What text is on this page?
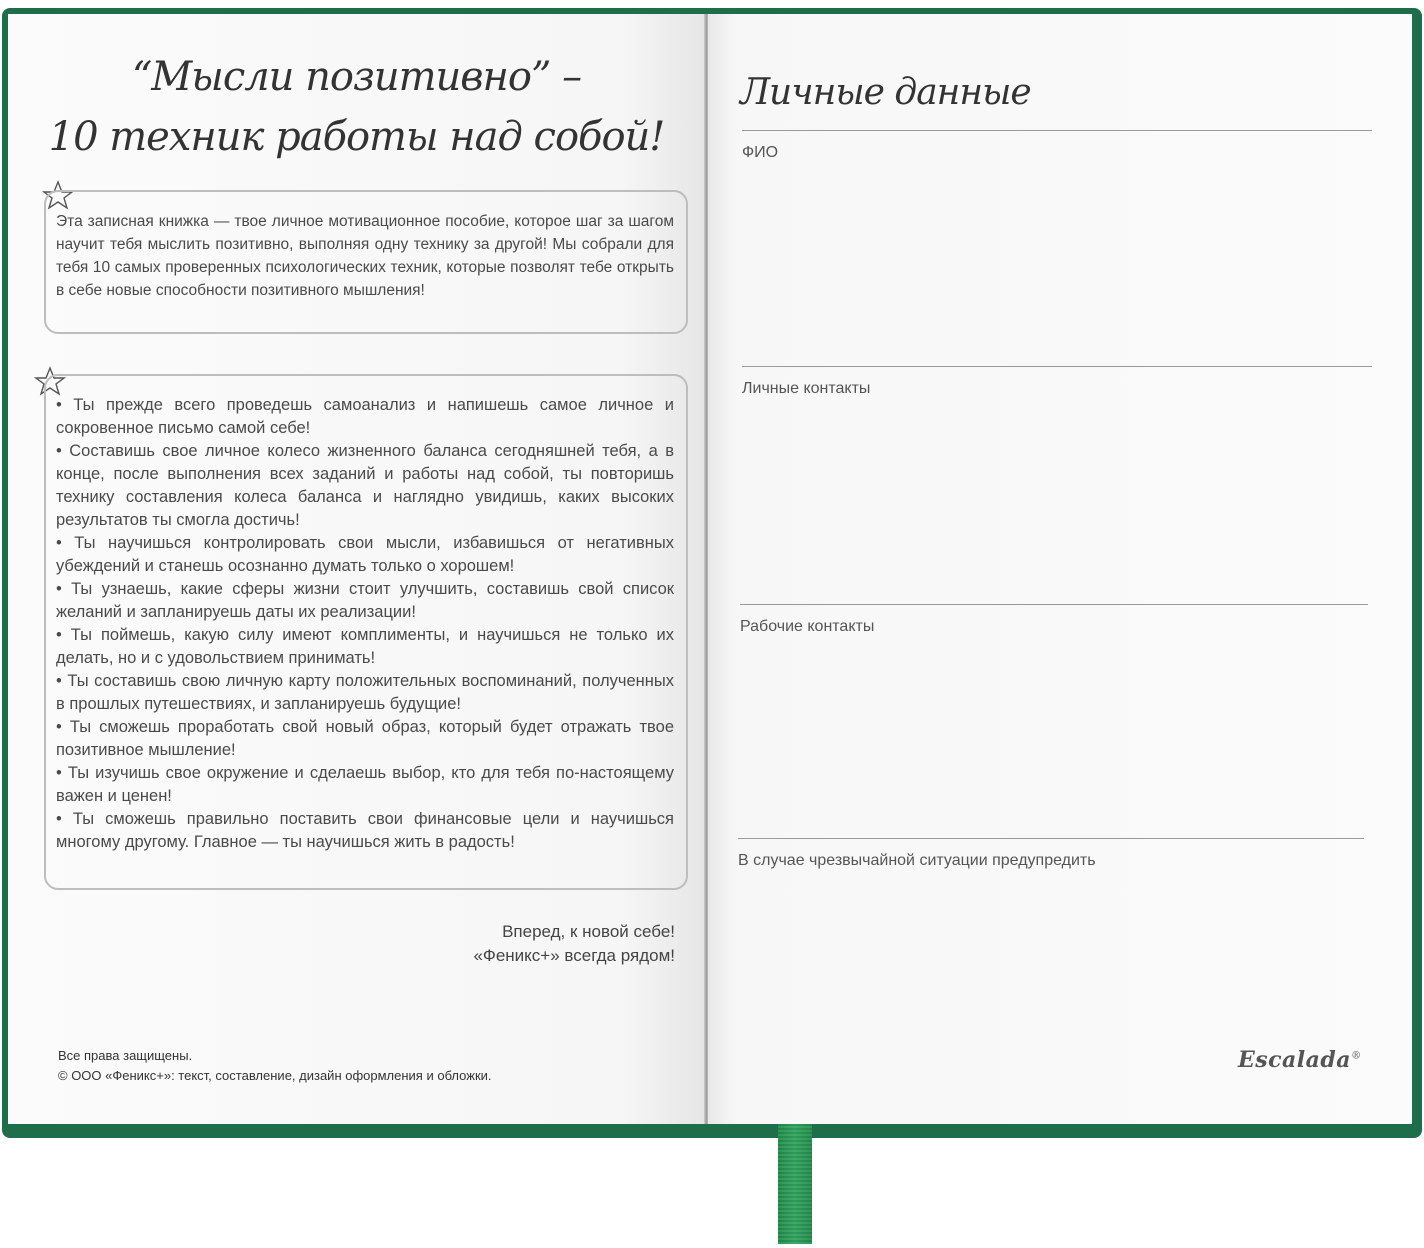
“Мысли позитивно” –
10 техник работы над собой!
Эта записная книжка — твое личное мотивационное пособие, которое шаг за шагом научит тебя мыслить позитивно, выполняя одну технику за другой! Мы собрали для тебя 10 самых проверенных психологических техник, которые позволят тебе открыть в себе новые способности позитивного мышления!
• Ты прежде всего проведешь самоанализ и напишешь самое личное и сокровенное письмо самой себе!
• Составишь свое личное колесо жизненного баланса сегодняшней тебя, а в конце, после выполнения всех заданий и работы над собой, ты повторишь технику составления колеса баланса и наглядно увидишь, каких высоких результатов ты смогла достичь!
• Ты научишься контролировать свои мысли, избавишься от негативных убеждений и станешь осознанно думать только о хорошем!
• Ты узнаешь, какие сферы жизни стоит улучшить, составишь свой список желаний и запланируешь даты их реализации!
• Ты поймешь, какую силу имеют комплименты, и научишься не только их делать, но и с удовольствием принимать!
• Ты составишь свою личную карту положительных воспоминаний, полученных в прошлых путешествиях, и запланируешь будущие!
• Ты сможешь проработать свой новый образ, который будет отражать твое позитивное мышление!
• Ты изучишь свое окружение и сделаешь выбор, кто для тебя по-настоящему важен и ценен!
• Ты сможешь правильно поставить свои финансовые цели и научишься многому другому. Главное — ты научишься жить в радость!
Вперед, к новой себе!
«Феникс+» всегда рядом!
Все права защищены.
© ООО «Феникс+»: текст, составление, дизайн оформления и обложки.
Личные данные
ФИО
Личные контакты
Рабочие контакты
В случае чрезвычайной ситуации предупредить
Escalada®
